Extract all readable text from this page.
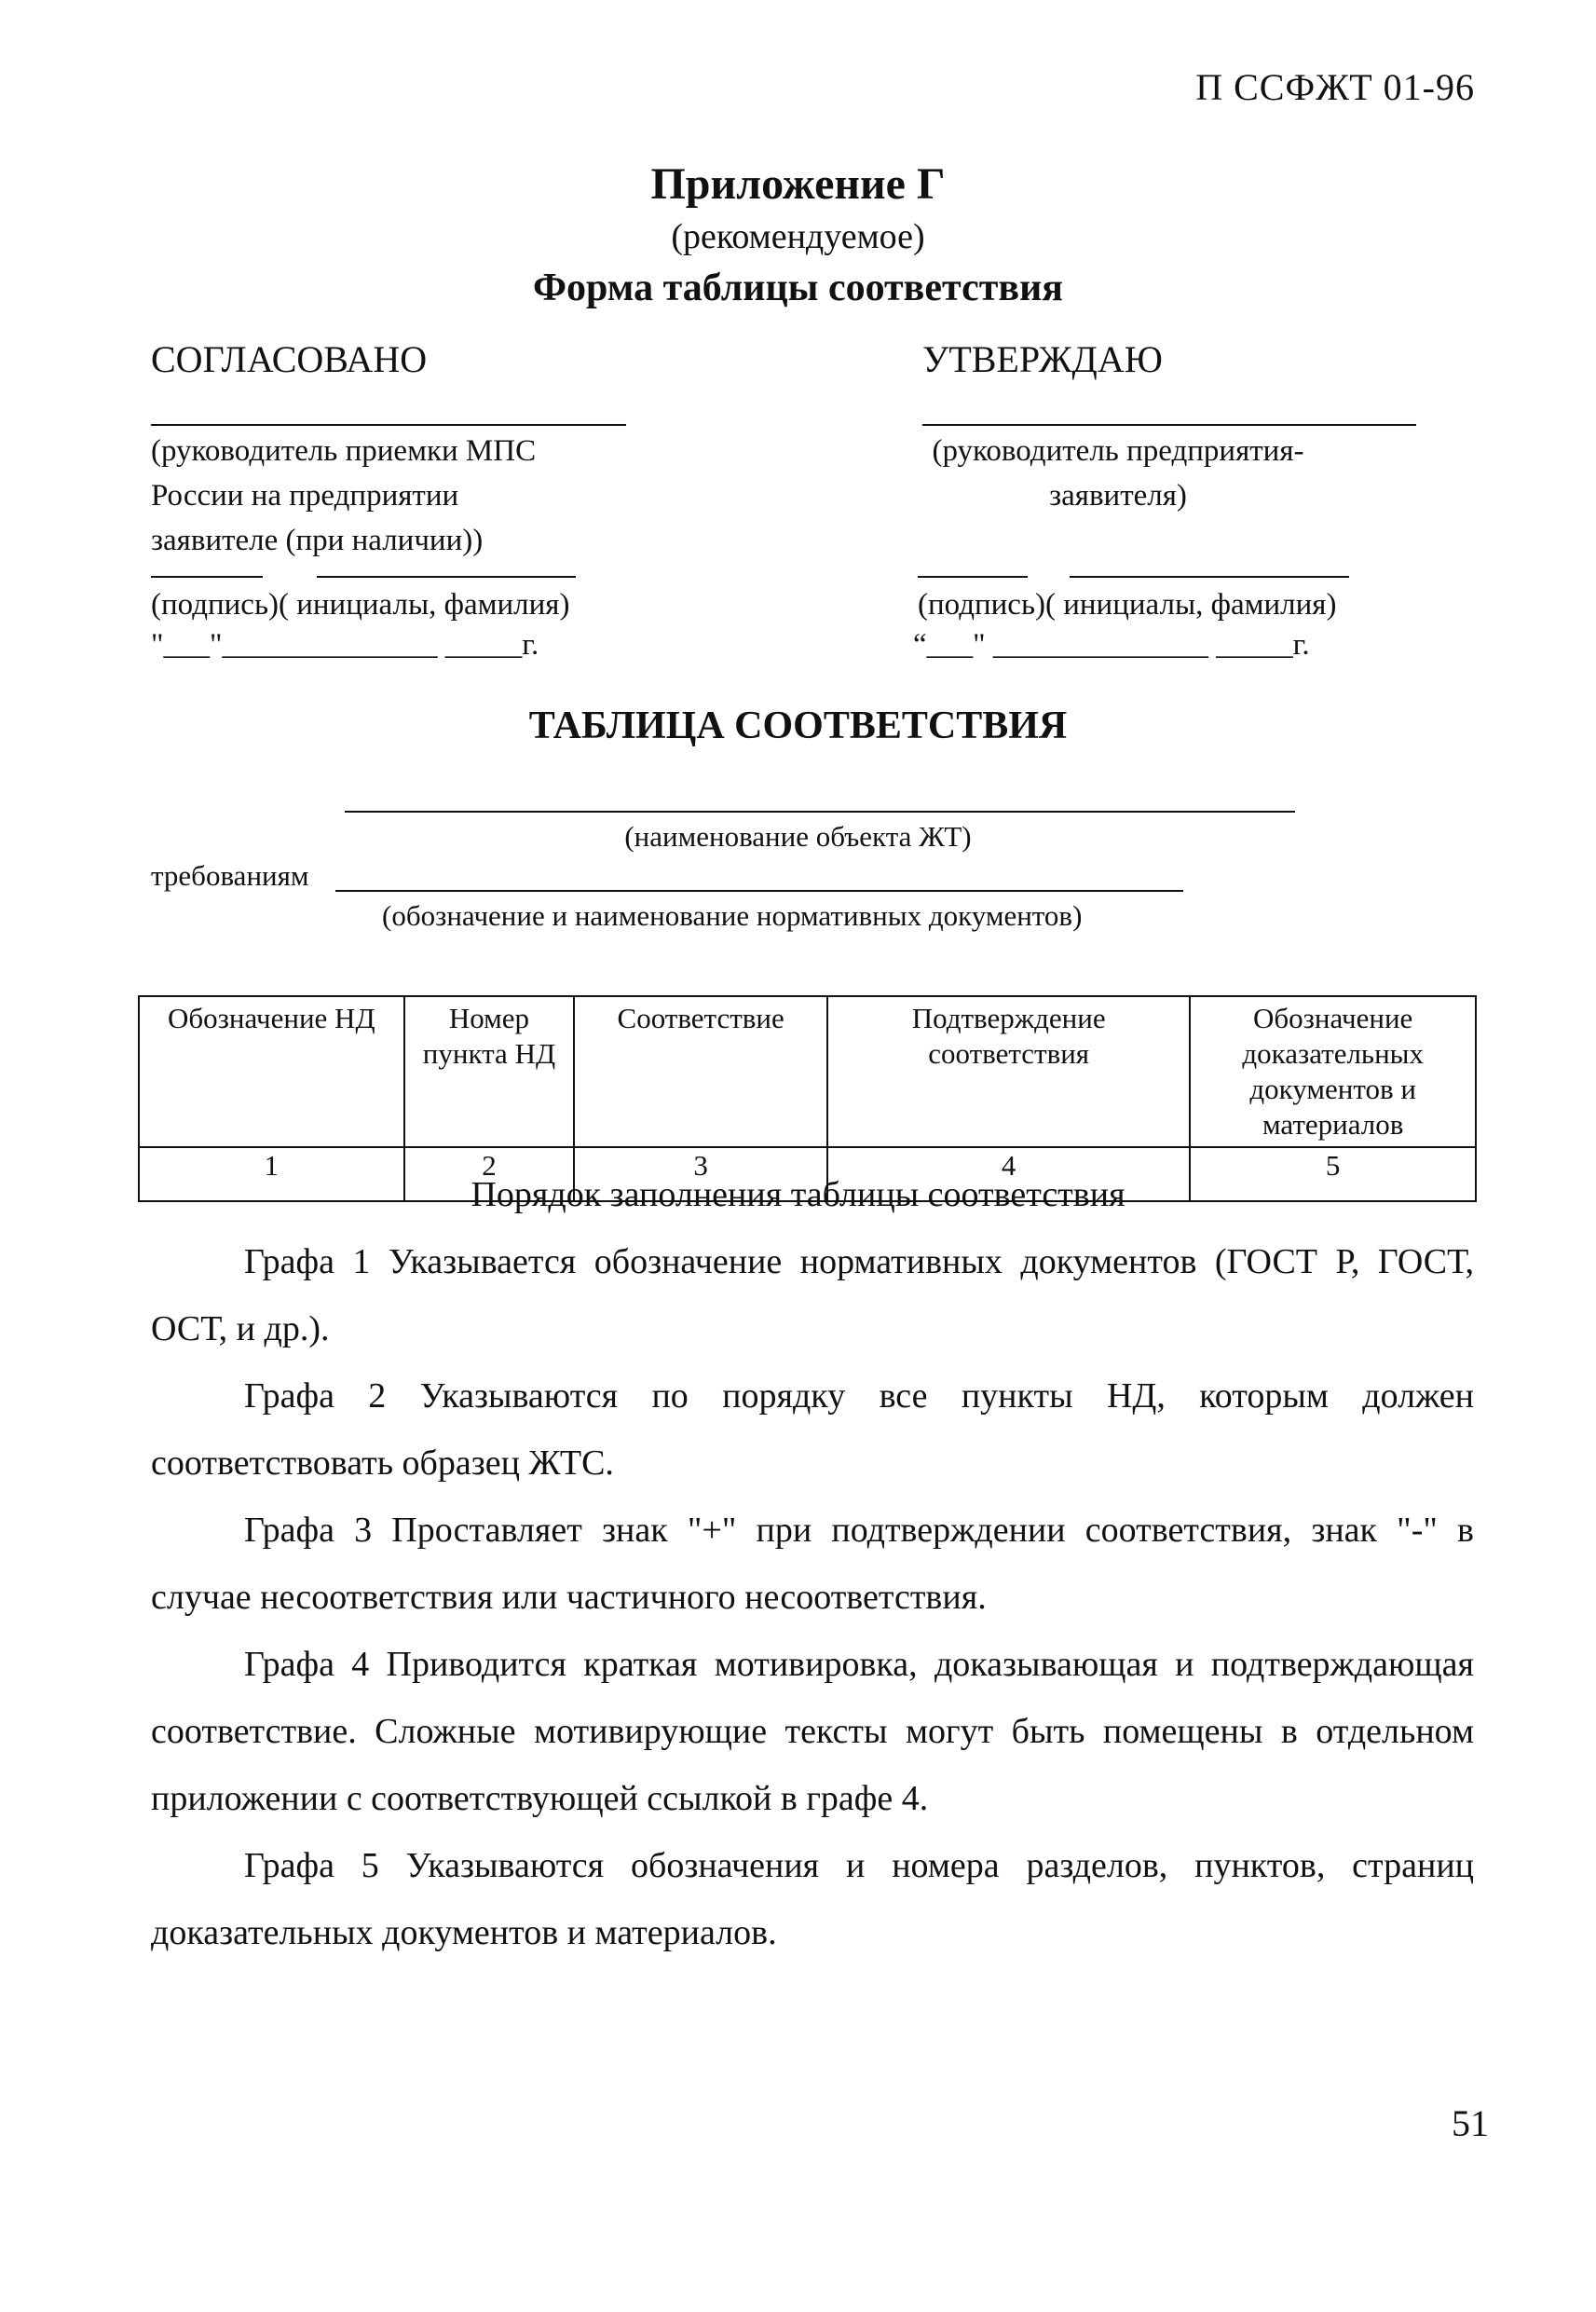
П ССФЖТ 01-96
Приложение Г
(рекомендуемое)
Форма таблицы соответствия
СОГЛАСОВАНО
(руководитель приемки МПС
России на предприятии
заявителе (при наличии))
(подпись)( инициалы, фамилия)
"___"______________ _____г.
УТВЕРЖДАЮ
(руководитель предприятия-
заявителя)
(подпись)( инициалы, фамилия)
“___" ______________ _____г.
ТАБЛИЦА СООТВЕТСТВИЯ
(наименование объекта ЖТ)
требованиям
(обозначение и наименование нормативных документов)
Обозначение НД	Номер пункта НД	Соответствие	Подтверждение соответствия	Обозначение доказательных документов и материалов
1	2	3	4	5
Порядок заполнения таблицы соответствия

Графа 1 Указывается обозначение нормативных документов (ГОСТ Р, ГОСТ, ОСТ, и др.).

Графа 2 Указываются по порядку все пункты НД, которым должен соответствовать образец ЖТС.

Графа 3 Проставляет знак "+" при подтверждении соответствия, знак "-" в случае несоответствия или частичного несоответствия.

Графа 4 Приводится краткая мотивировка, доказывающая и подтверждающая соответствие. Сложные мотивирующие тексты могут быть помещены в отдельном приложении с соответствующей ссылкой в графе 4.

Графа 5 Указываются обозначения и номера разделов, пунктов, страниц доказательных документов и материалов.

51
